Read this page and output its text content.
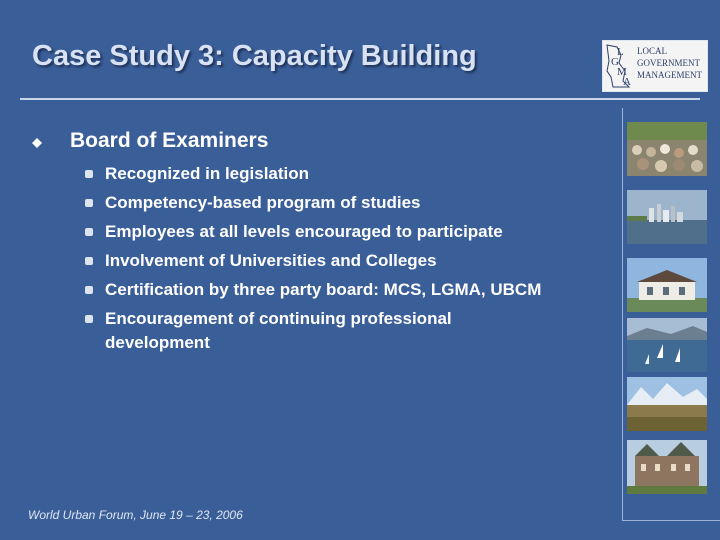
Case Study 3: Capacity Building	L
G
M
A
LOCAL
GOVERNMENT
MANAGEMENT
Board of Examiners
Recognized in legislation
Competency-based program of studies
Employees at all levels encouraged to participate
Involvement of Universities and Colleges
Certification by three party board: MCS, LGMA, UBCM
Encouragement of continuing professional development
World Urban Forum, June 19 – 23, 2006
